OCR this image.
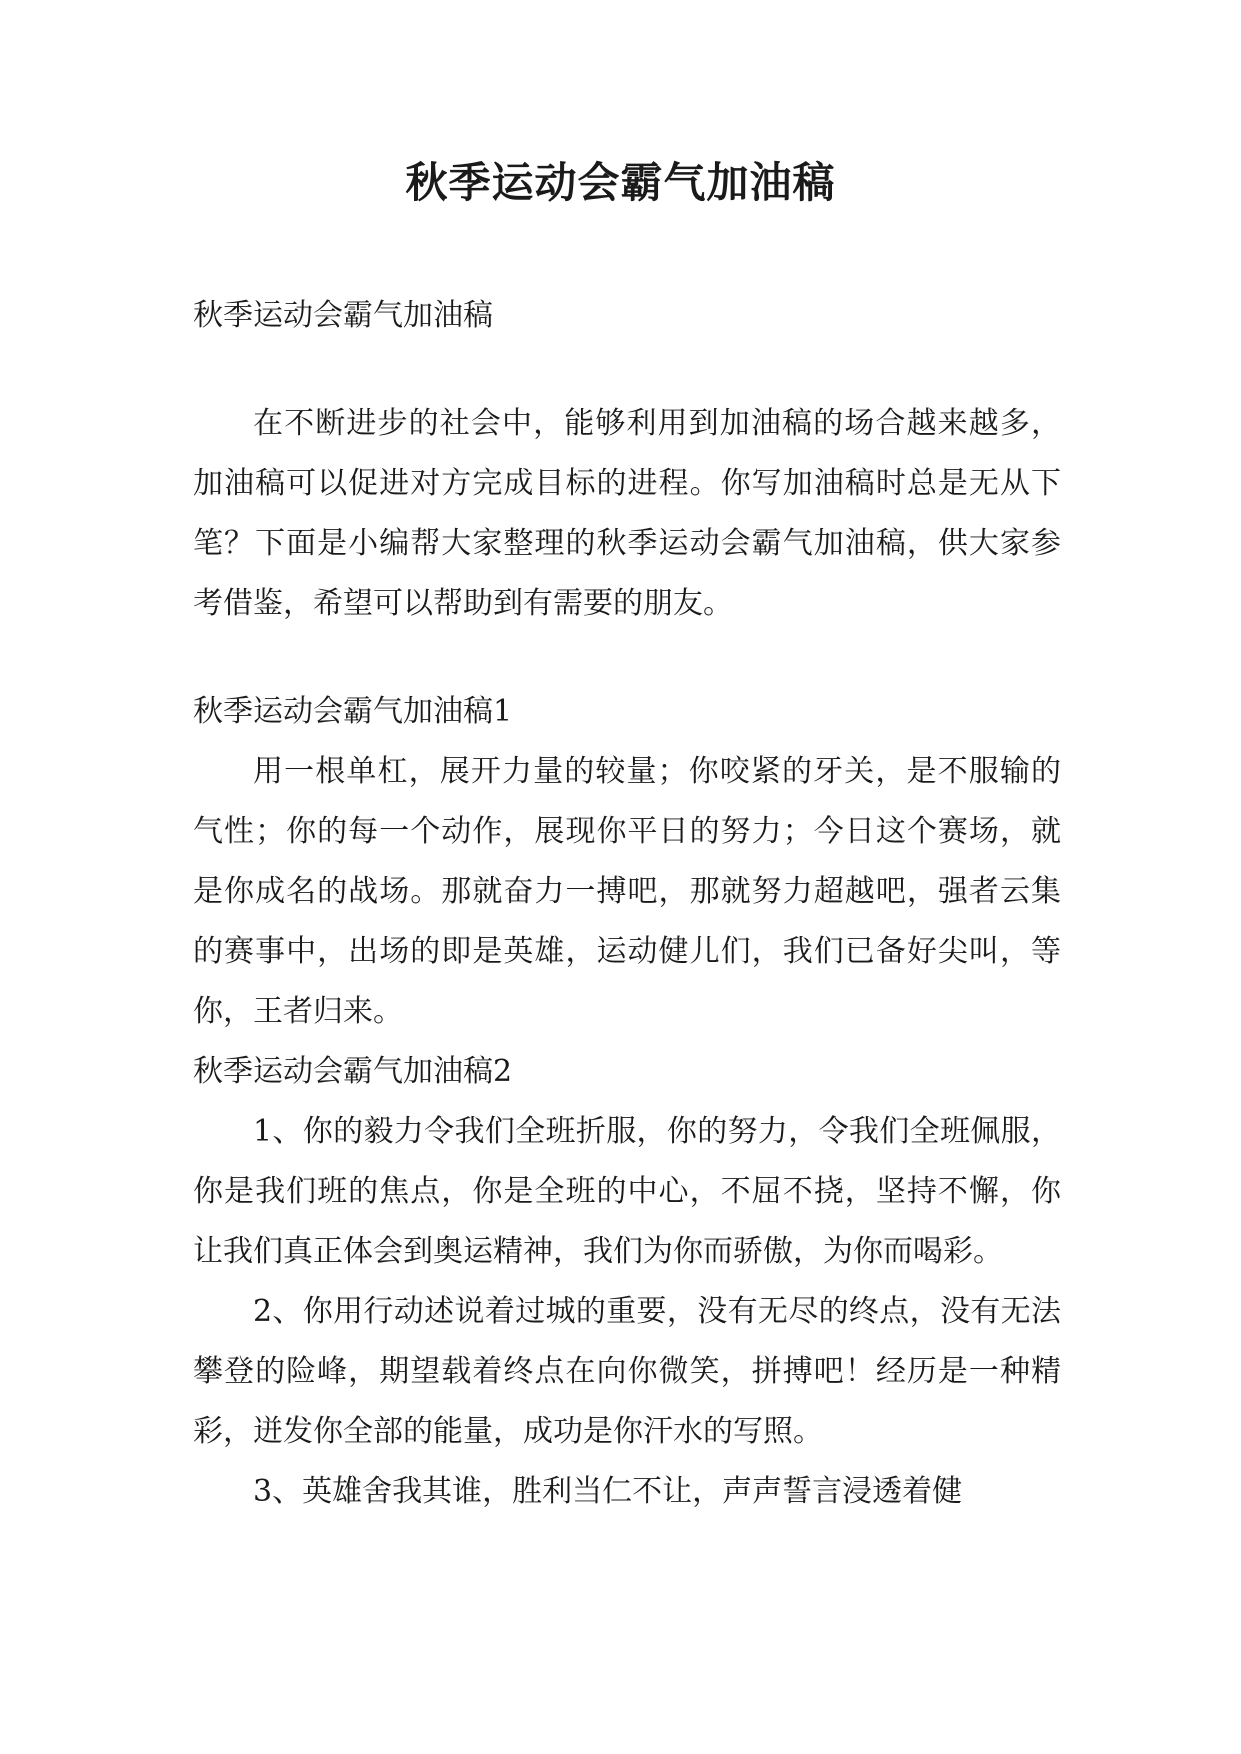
秋季运动会霸气加油稿

秋季运动会霸气加油稿

在不断进步的社会中，能够利用到加油稿的场合越来越多，加油稿可以促进对方完成目标的进程。你写加油稿时总是无从下笔？下面是小编帮大家整理的秋季运动会霸气加油稿，供大家参考借鉴，希望可以帮助到有需要的朋友。

秋季运动会霸气加油稿1

用一根单杠，展开力量的较量；你咬紧的牙关，是不服输的气性；你的每一个动作，展现你平日的努力；今日这个赛场，就是你成名的战场。那就奋力一搏吧，那就努力超越吧，强者云集的赛事中，出场的即是英雄，运动健儿们，我们已备好尖叫，等你，王者归来。

秋季运动会霸气加油稿2

1、你的毅力令我们全班折服，你的努力，令我们全班佩服，你是我们班的焦点，你是全班的中心，不屈不挠，坚持不懈，你让我们真正体会到奥运精神，我们为你而骄傲，为你而喝彩。

2、你用行动述说着过城的重要，没有无尽的终点，没有无法攀登的险峰，期望载着终点在向你微笑，拼搏吧！经历是一种精彩，迸发你全部的能量，成功是你汗水的写照。

3、英雄舍我其谁，胜利当仁不让，声声誓言浸透着健
